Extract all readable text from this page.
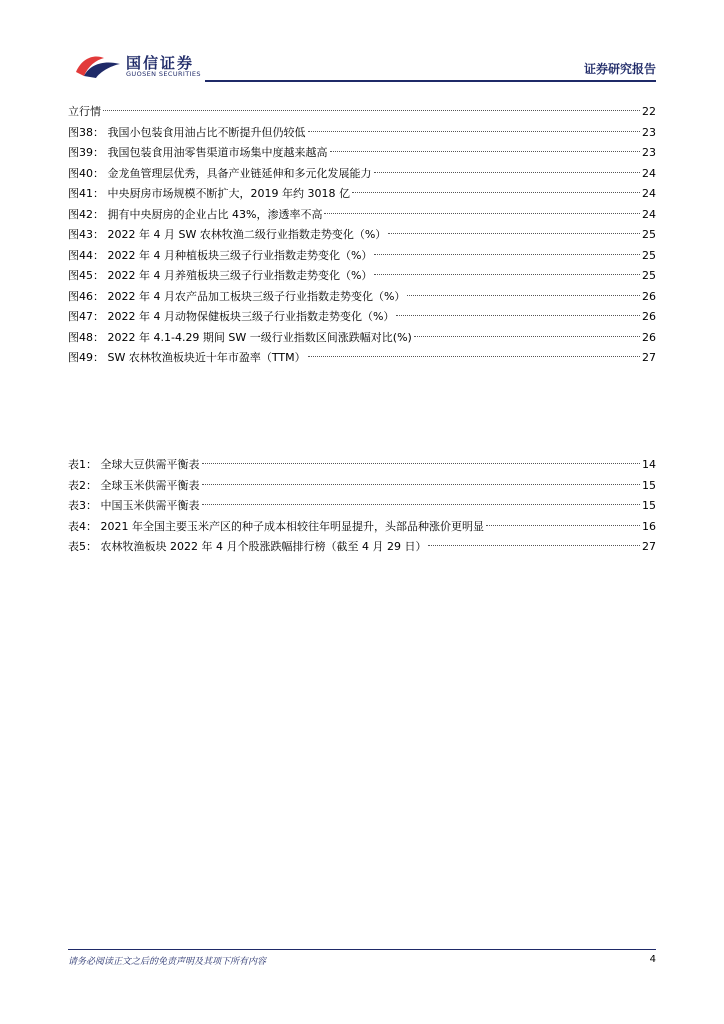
国信证券
GUOSEN SECURITIES	证券研究报告
立行情	22
图38： 我国小包装食用油占比不断提升但仍较低	23
图39： 我国包装食用油零售渠道市场集中度越来越高	23
图40： 金龙鱼管理层优秀，具备产业链延伸和多元化发展能力	24
图41： 中央厨房市场规模不断扩大，2019 年约 3018 亿	24
图42： 拥有中央厨房的企业占比 43%，渗透率不高	24
图43： 2022 年 4 月 SW 农林牧渔二级行业指数走势变化（%）	25
图44： 2022 年 4 月种植板块三级子行业指数走势变化（%）	25
图45： 2022 年 4 月养殖板块三级子行业指数走势变化（%）	25
图46： 2022 年 4 月农产品加工板块三级子行业指数走势变化（%）	26
图47： 2022 年 4 月动物保健板块三级子行业指数走势变化（%）	26
图48： 2022 年 4.1-4.29 期间 SW 一级行业指数区间涨跌幅对比(%)	26
图49： SW 农林牧渔板块近十年市盈率（TTM）	27
表1： 全球大豆供需平衡表	14
表2： 全球玉米供需平衡表	15
表3： 中国玉米供需平衡表	15
表4： 2021 年全国主要玉米产区的种子成本相较往年明显提升，头部品种涨价更明显	16
表5： 农林牧渔板块 2022 年 4 月个股涨跌幅排行榜（截至 4 月 29 日）	27
请务必阅读正文之后的免责声明及其项下所有内容	4
